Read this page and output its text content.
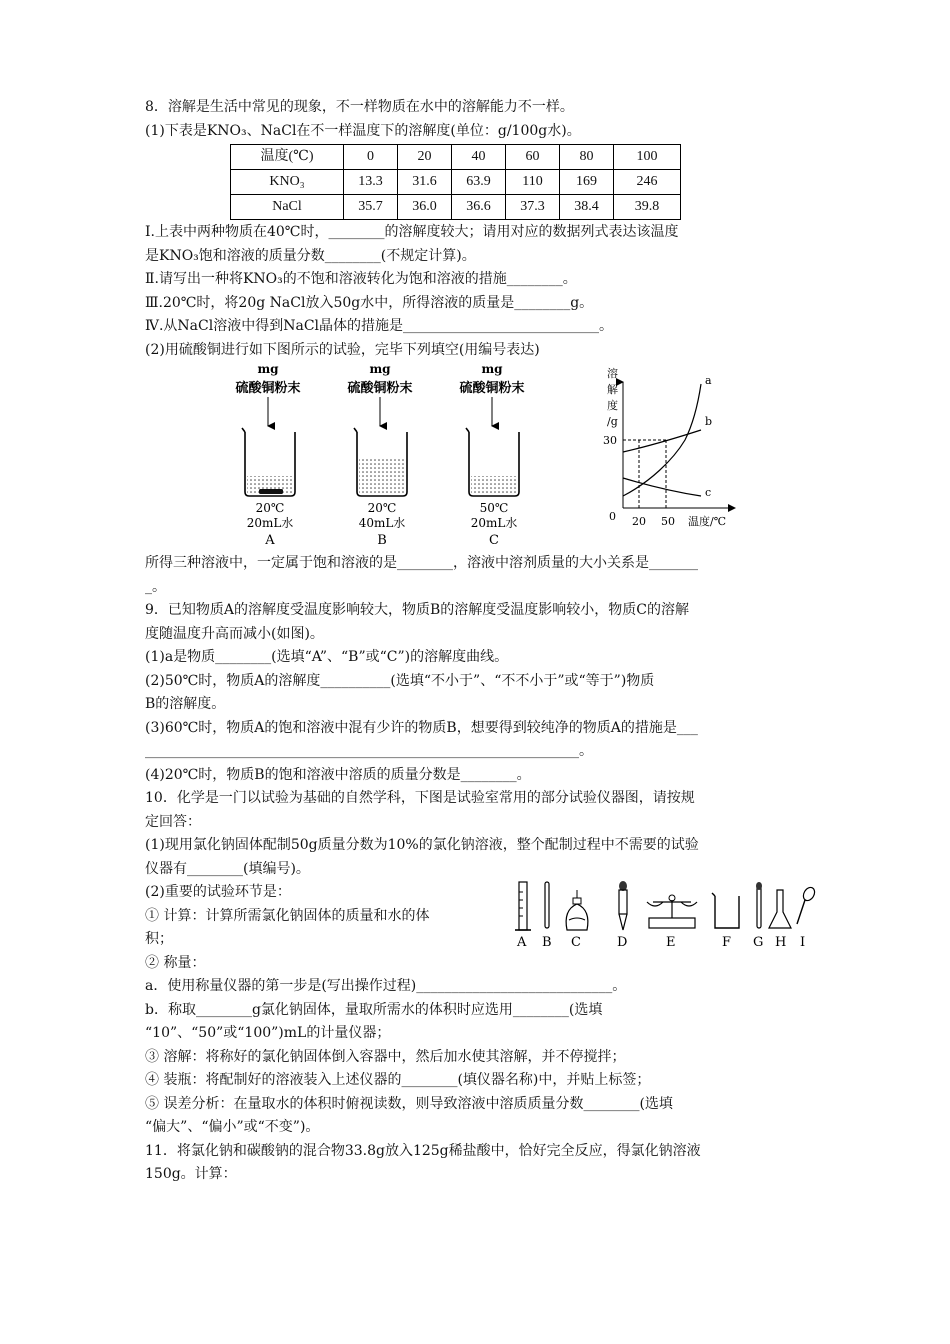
8．溶解是生活中常见的现象，不一样物质在水中的溶解能力不一样。
(1)下表是KNO₃、NaCl在不一样温度下的溶解度(单位：g/100g水)。
温度(℃)	0	20	40	60	80	100
KNO₃	13.3	31.6	63.9	110	169	246
NaCl	35.7	36.0	36.6	37.3	38.4	39.8
Ⅰ.上表中两种物质在40℃时，________的溶解度较大；请用对应的数据列式表达该温度
是KNO₃饱和溶液的质量分数________(不规定计算)。
Ⅱ.请写出一种将KNO₃的不饱和溶液转化为饱和溶液的措施________。
Ⅲ.20℃时，将20g NaCl放入50g水中，所得溶液的质量是________g。
Ⅳ.从NaCl溶液中得到NaCl晶体的措施是____________________________。
(2)用硫酸铜进行如下图所示的试验，完毕下列填空(用编号表达)
mg
硫酸铜粉末
20℃
20mL水
A
mg
硫酸铜粉末
20℃
40mL水
B
mg
硫酸铜粉末
50℃
20mL水
C
溶
解
度
/g
30
0 20 50 温度/℃
a
b
c
所得三种溶液中，一定属于饱和溶液的是________，溶液中溶剂质量的大小关系是_______
_。
9．已知物质A的溶解度受温度影响较大，物质B的溶解度受温度影响较小，物质C的溶解
度随温度升高而减小(如图)。
(1)a是物质________(选填“A”、“B”或“C”)的溶解度曲线。
(2)50℃时，物质A的溶解度__________(选填“不小于”、“不不小于”或“等于”)物质
B的溶解度。
(3)60℃时，物质A的饱和溶液中混有少许的物质B，想要得到较纯净的物质A的措施是___
______________________________________________________________。
(4)20℃时，物质B的饱和溶液中溶质的质量分数是________。
10．化学是一门以试验为基础的自然学科，下图是试验室常用的部分试验仪器图，请按规
定回答：
(1)现用氯化钠固体配制50g质量分数为10%的氯化钠溶液，整个配制过程中不需要的试验
仪器有________(填编号)。
(2)重要的试验环节是：
① 计算：计算所需氯化钠固体的质量和水的体
积；
② 称量：
a．使用称量仪器的第一步是(写出操作过程)____________________________。
b．称取________g氯化钠固体，量取所需水的体积时应选用________(选填
“10”、“50”或“100”)mL的计量仪器；
③ 溶解：将称好的氯化钠固体倒入容器中，然后加水使其溶解，并不停搅拌；
④ 装瓶：将配制好的溶液装入上述仪器的________(填仪器名称)中，并贴上标签；
⑤ 误差分析：在量取水的体积时俯视读数，则导致溶液中溶质质量分数________(选填
“偏大”、“偏小”或“不变”)。
11．将氯化钠和碳酸钠的混合物33.8g放入125g稀盐酸中，恰好完全反应，得氯化钠溶液
150g。计算：
A B C	D	E	F G H I
